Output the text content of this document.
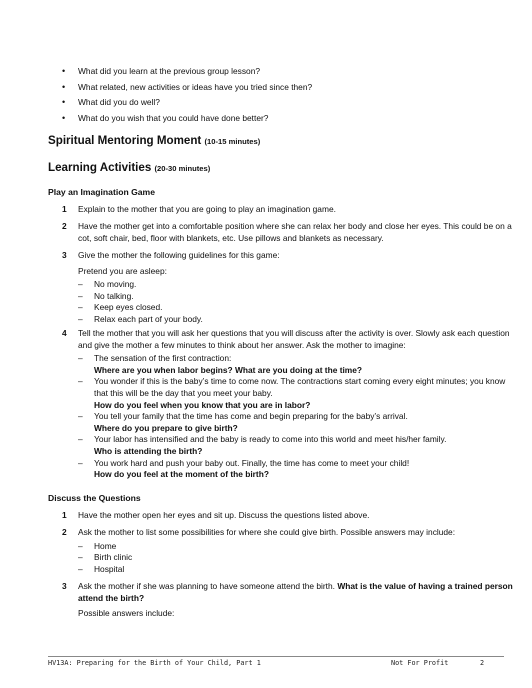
• What did you learn at the previous group lesson?
• What related, new activities or ideas have you tried since then?
• What did you do well?
• What do you wish that you could have done better?
Spiritual Mentoring Moment (10-15 minutes)
Learning Activities (20-30 minutes)
Play an Imagination Game
1 Explain to the mother that you are going to play an imagination game.
2 Have the mother get into a comfortable position where she can relax her body and close her eyes. This could be on a cot, soft chair, bed, floor with blankets, etc. Use pillows and blankets as necessary.
3 Give the mother the following guidelines for this game:
Pretend you are asleep:
– No moving.
– No talking.
– Keep eyes closed.
– Relax each part of your body.
4 Tell the mother that you will ask her questions that you will discuss after the activity is over. Slowly ask each question and give the mother a few minutes to think about her answer. Ask the mother to imagine:
– The sensation of the first contraction:
Where are you when labor begins? What are you doing at the time?
– You wonder if this is the baby’s time to come now. The contractions start coming every eight minutes; you know that this will be the day that you meet your baby.
How do you feel when you know that you are in labor?
– You tell your family that the time has come and begin preparing for the baby’s arrival.
Where do you prepare to give birth?
– Your labor has intensified and the baby is ready to come into this world and meet his/her family.
Who is attending the birth?
– You work hard and push your baby out. Finally, the time has come to meet your child!
How do you feel at the moment of the birth?
Discuss the Questions
1 Have the mother open her eyes and sit up. Discuss the questions listed above.
2 Ask the mother to list some possibilities for where she could give birth. Possible answers may include:
– Home
– Birth clinic
– Hospital
3 Ask the mother if she was planning to have someone attend the birth. What is the value of having a trained person attend the birth?
Possible answers include:
HV13A: Preparing for the Birth of Your Child, Part 1	Not For Profit	2
